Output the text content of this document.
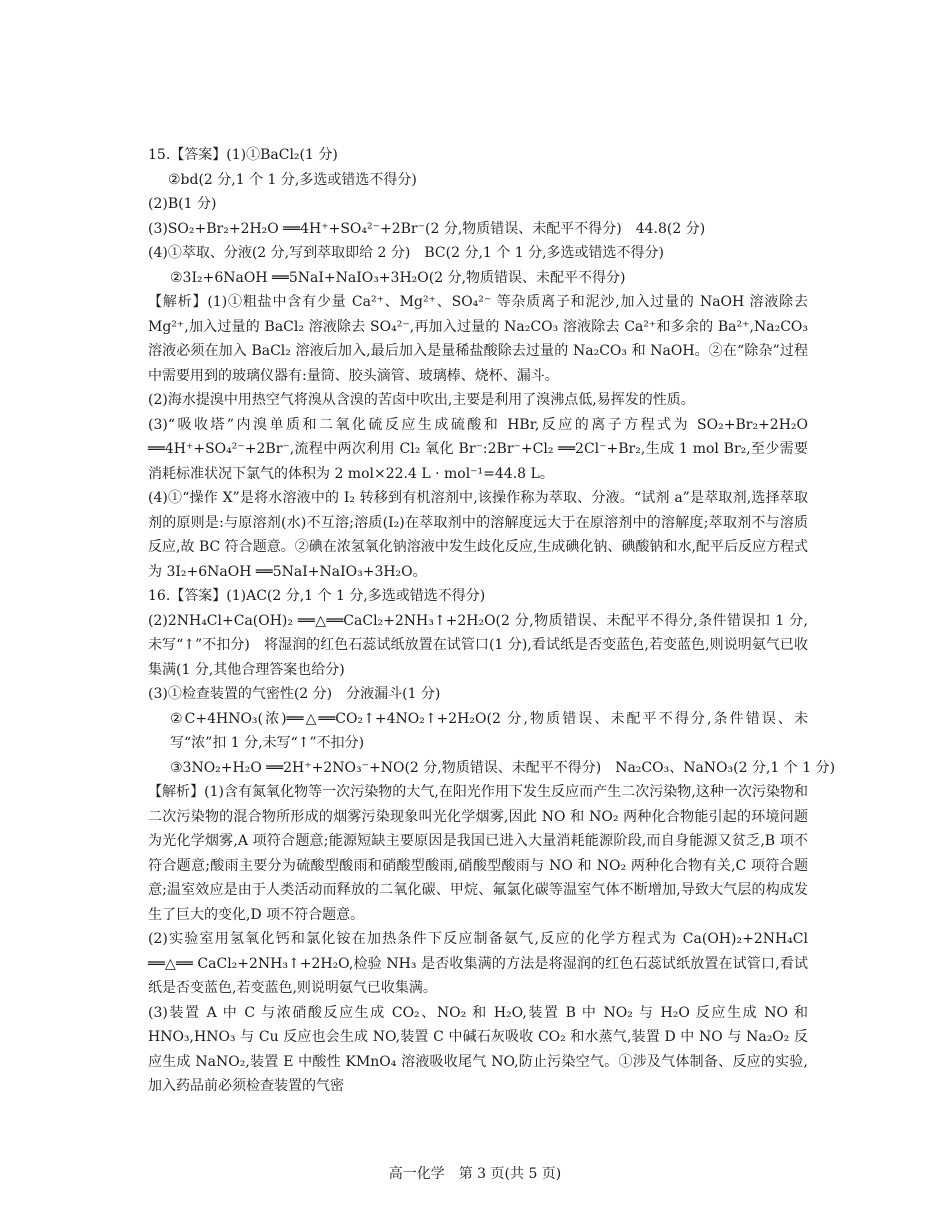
15.【答案】(1)①BaCl₂(1 分)
②bd(2 分,1 个 1 分,多选或错选不得分)
(2)B(1 分)
(3)SO₂+Br₂+2H₂O ══4H⁺+SO₄²⁻+2Br⁻(2 分,物质错误、未配平不得分)　44.8(2 分)
(4)①萃取、分液(2 分,写到萃取即给 2 分)　BC(2 分,1 个 1 分,多选或错选不得分)
②3I₂+6NaOH ══5NaI+NaIO₃+3H₂O(2 分,物质错误、未配平不得分)
【解析】(1)①粗盐中含有少量 Ca²⁺、Mg²⁺、SO₄²⁻ 等杂质离子和泥沙,加入过量的 NaOH 溶液除去 Mg²⁺,加入过量的 BaCl₂ 溶液除去 SO₄²⁻,再加入过量的 Na₂CO₃ 溶液除去 Ca²⁺和多余的 Ba²⁺,Na₂CO₃ 溶液必须在加入 BaCl₂ 溶液后加入,最后加入是量稀盐酸除去过量的 Na₂CO₃ 和 NaOH。②在“除杂”过程中需要用到的玻璃仪器有:量筒、胶头滴管、玻璃棒、烧杯、漏斗。
(2)海水提溴中用热空气将溴从含溴的苦卤中吹出,主要是利用了溴沸点低,易挥发的性质。
(3)“吸收塔”内溴单质和二氧化硫反应生成硫酸和 HBr,反应的离子方程式为 SO₂+Br₂+2H₂O ══4H⁺+SO₄²⁻+2Br⁻,流程中两次利用 Cl₂ 氧化 Br⁻:2Br⁻+Cl₂ ══2Cl⁻+Br₂,生成 1 mol Br₂,至少需要消耗标准状况下氯气的体积为 2 mol×22.4 L · mol⁻¹=44.8 L。
(4)①“操作 X”是将水溶液中的 I₂ 转移到有机溶剂中,该操作称为萃取、分液。“试剂 a”是萃取剂,选择萃取剂的原则是:与原溶剂(水)不互溶;溶质(I₂)在萃取剂中的溶解度远大于在原溶剂中的溶解度;萃取剂不与溶质反应,故 BC 符合题意。②碘在浓氢氧化钠溶液中发生歧化反应,生成碘化钠、碘酸钠和水,配平后反应方程式为 3I₂+6NaOH ══5NaI+NaIO₃+3H₂O。
16.【答案】(1)AC(2 分,1 个 1 分,多选或错选不得分)
(2)2NH₄Cl+Ca(OH)₂ ══△══CaCl₂+2NH₃↑+2H₂O(2 分,物质错误、未配平不得分,条件错误扣 1 分,未写“↑”不扣分)　将湿润的红色石蕊试纸放置在试管口(1 分),看试纸是否变蓝色,若变蓝色,则说明氨气已收集满(1 分,其他合理答案也给分)
(3)①检查装置的气密性(2 分)　分液漏斗(1 分)
②C+4HNO₃(浓)══△══CO₂↑+4NO₂↑+2H₂O(2 分,物质错误、未配平不得分,条件错误、未写“浓”扣 1 分,未写“↑”不扣分)
③3NO₂+H₂O ══2H⁺+2NO₃⁻+NO(2 分,物质错误、未配平不得分)　Na₂CO₃、NaNO₃(2 分,1 个 1 分)
【解析】(1)含有氮氧化物等一次污染物的大气,在阳光作用下发生反应而产生二次污染物,这种一次污染物和二次污染物的混合物所形成的烟雾污染现象叫光化学烟雾,因此 NO 和 NO₂ 两种化合物能引起的环境问题为光化学烟雾,A 项符合题意;能源短缺主要原因是我国已进入大量消耗能源阶段,而自身能源又贫乏,B 项不符合题意;酸雨主要分为硫酸型酸雨和硝酸型酸雨,硝酸型酸雨与 NO 和 NO₂ 两种化合物有关,C 项符合题意;温室效应是由于人类活动而释放的二氧化碳、甲烷、氟氯化碳等温室气体不断增加,导致大气层的构成发生了巨大的变化,D 项不符合题意。
(2)实验室用氢氧化钙和氯化铵在加热条件下反应制备氨气,反应的化学方程式为 Ca(OH)₂+2NH₄Cl ══△══ CaCl₂+2NH₃↑+2H₂O,检验 NH₃ 是否收集满的方法是将湿润的红色石蕊试纸放置在试管口,看试纸是否变蓝色,若变蓝色,则说明氨气已收集满。
(3)装置 A 中 C 与浓硝酸反应生成 CO₂、NO₂ 和 H₂O,装置 B 中 NO₂ 与 H₂O 反应生成 NO 和 HNO₃,HNO₃ 与 Cu 反应也会生成 NO,装置 C 中碱石灰吸收 CO₂ 和水蒸气,装置 D 中 NO 与 Na₂O₂ 反应生成 NaNO₂,装置 E 中酸性 KMnO₄ 溶液吸收尾气 NO,防止污染空气。①涉及气体制备、反应的实验,加入药品前必须检查装置的气密
高一化学　第 3 页(共 5 页)
